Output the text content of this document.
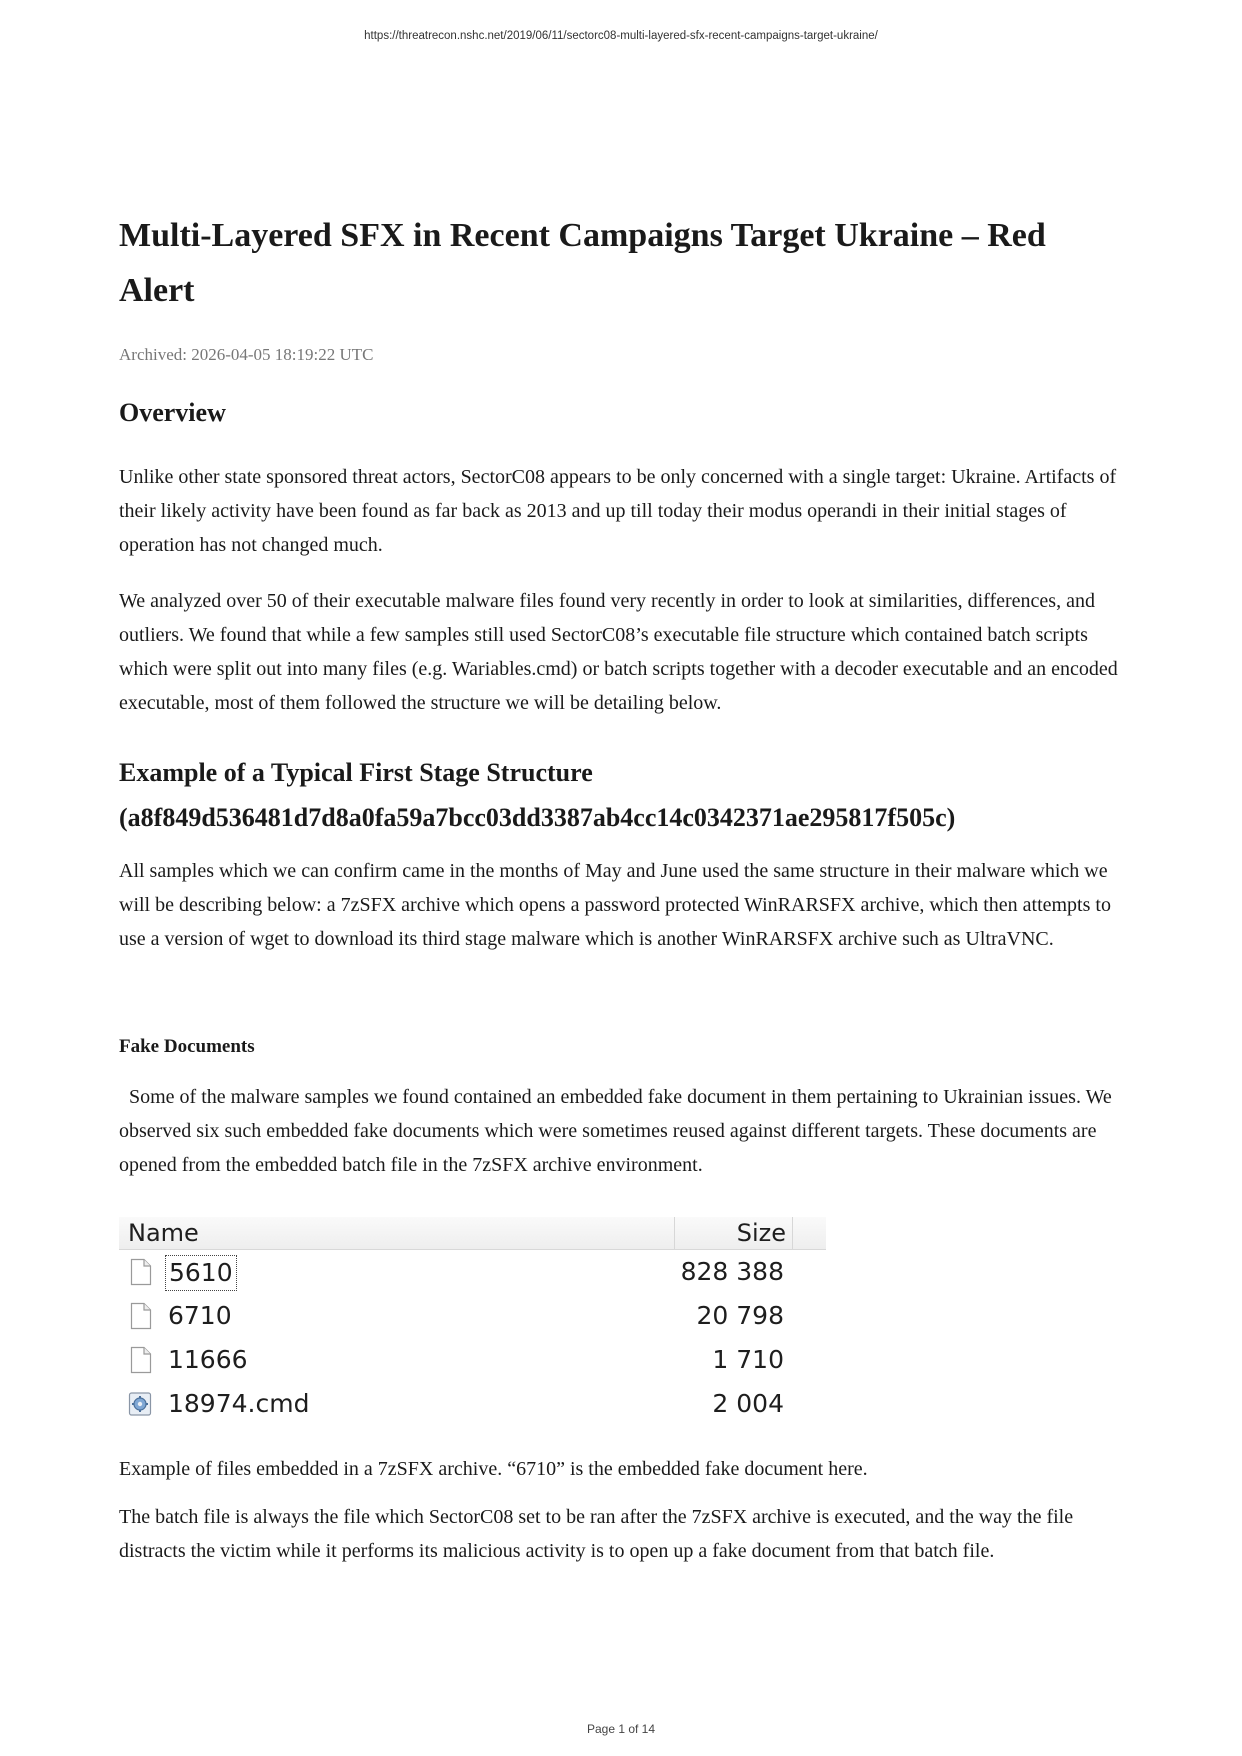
https://threatrecon.nshc.net/2019/06/11/sectorc08-multi-layered-sfx-recent-campaigns-target-ukraine/
Multi-Layered SFX in Recent Campaigns Target Ukraine – Red Alert
Archived: 2026-04-05 18:19:22 UTC
Overview

Unlike other state sponsored threat actors, SectorC08 appears to be only concerned with a single target: Ukraine. Artifacts of their likely activity have been found as far back as 2013 and up till today their modus operandi in their initial stages of operation has not changed much.

We analyzed over 50 of their executable malware files found very recently in order to look at similarities, differences, and outliers. We found that while a few samples still used SectorC08’s executable file structure which contained batch scripts which were split out into many files (e.g. Wariables.cmd) or batch scripts together with a decoder executable and an encoded executable, most of them followed the structure we will be detailing below.

Example of a Typical First Stage Structure
(a8f849d536481d7d8a0fa59a7bcc03dd3387ab4cc14c0342371ae295817f505c)

All samples which we can confirm came in the months of May and June used the same structure in their malware which we will be describing below: a 7zSFX archive which opens a password protected WinRARSFX archive, which then attempts to use a version of wget to download its third stage malware which is another WinRARSFX archive such as UltraVNC.

Fake Documents

Some of the malware samples we found contained an embedded fake document in them pertaining to Ukrainian issues. We observed six such embedded fake documents which were sometimes reused against different targets. These documents are opened from the embedded batch file in the 7zSFX archive environment.

Name	Size
5610	828 388
6710	20 798
11666	1 710
18974.cmd	2 004

Example of files embedded in a 7zSFX archive. “6710” is the embedded fake document here.

The batch file is always the file which SectorC08 set to be ran after the 7zSFX archive is executed, and the way the file distracts the victim while it performs its malicious activity is to open up a fake document from that batch file.

Page 1 of 14
